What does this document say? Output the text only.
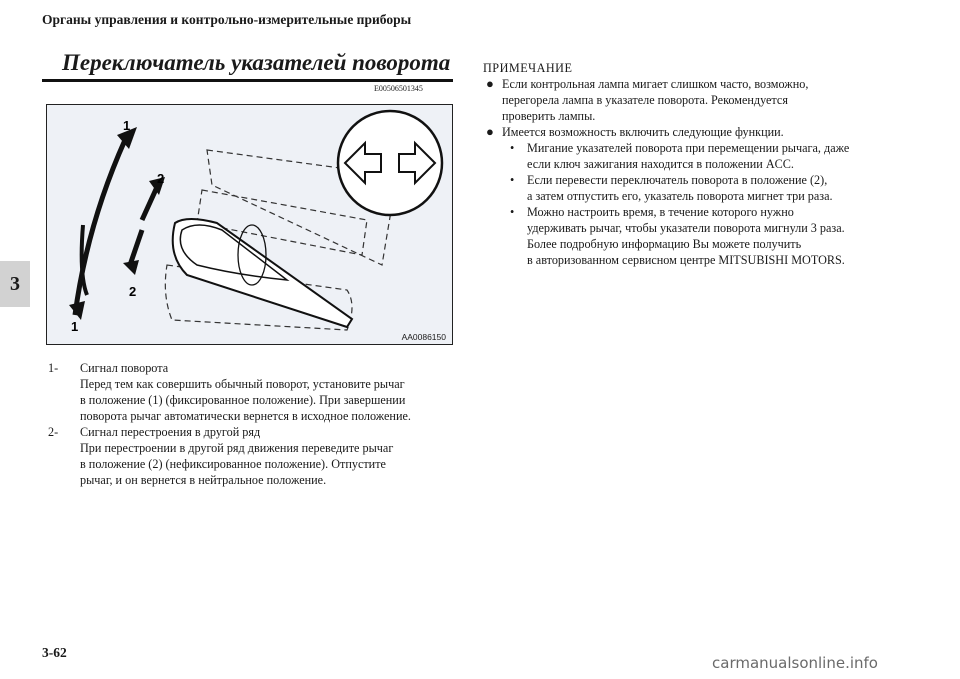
Органы управления и контрольно-измерительные приборы
Переключатель указателей поворота
E00506501345
3
1
2
2
1
AA0086150
1- Сигнал поворота
Перед тем как совершить обычный поворот, установите рычаг
в положение (1) (фиксированное положение). При завершении
поворота рычаг автоматически вернется в исходное положение.
2- Сигнал перестроения в другой ряд
При перестроении в другой ряд движения переведите рычаг
в положение (2) (нефиксированное положение). Отпустите
рычаг, и он вернется в нейтральное положение.
ПРИМЕЧАНИЕ
● Если контрольная лампа мигает слишком часто, возможно,
перегорела лампа в указателе поворота. Рекомендуется
проверить лампы.
● Имеется возможность включить следующие функции.
• Мигание указателей поворота при перемещении рычага, даже
если ключ зажигания находится в положении ACC.
• Если перевести переключатель поворота в положение (2),
а затем отпустить его, указатель поворота мигнет три раза.
• Можно настроить время, в течение которого нужно
удерживать рычаг, чтобы указатели поворота мигнули 3 раза.
Более подробную информацию Вы можете получить
в авторизованном сервисном центре MITSUBISHI MOTORS.
3-62
carmanualsonline.info
